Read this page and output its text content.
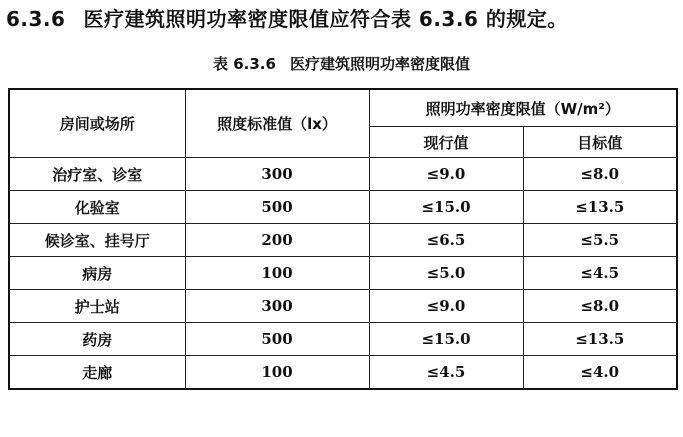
6.3.6 医疗建筑照明功率密度限值应符合表 6.3.6 的规定。
表 6.3.6 医疗建筑照明功率密度限值
房间或场所	照度标准值（lx）	照明功率密度限值（W/m²）	
		现行值	目标值
治疗室、诊室	300	≤9.0	≤8.0
化验室	500	≤15.0	≤13.5
候诊室、挂号厅	200	≤6.5	≤5.5
病房	100	≤5.0	≤4.5
护士站	300	≤9.0	≤8.0
药房	500	≤15.0	≤13.5
走廊	100	≤4.5	≤4.0
